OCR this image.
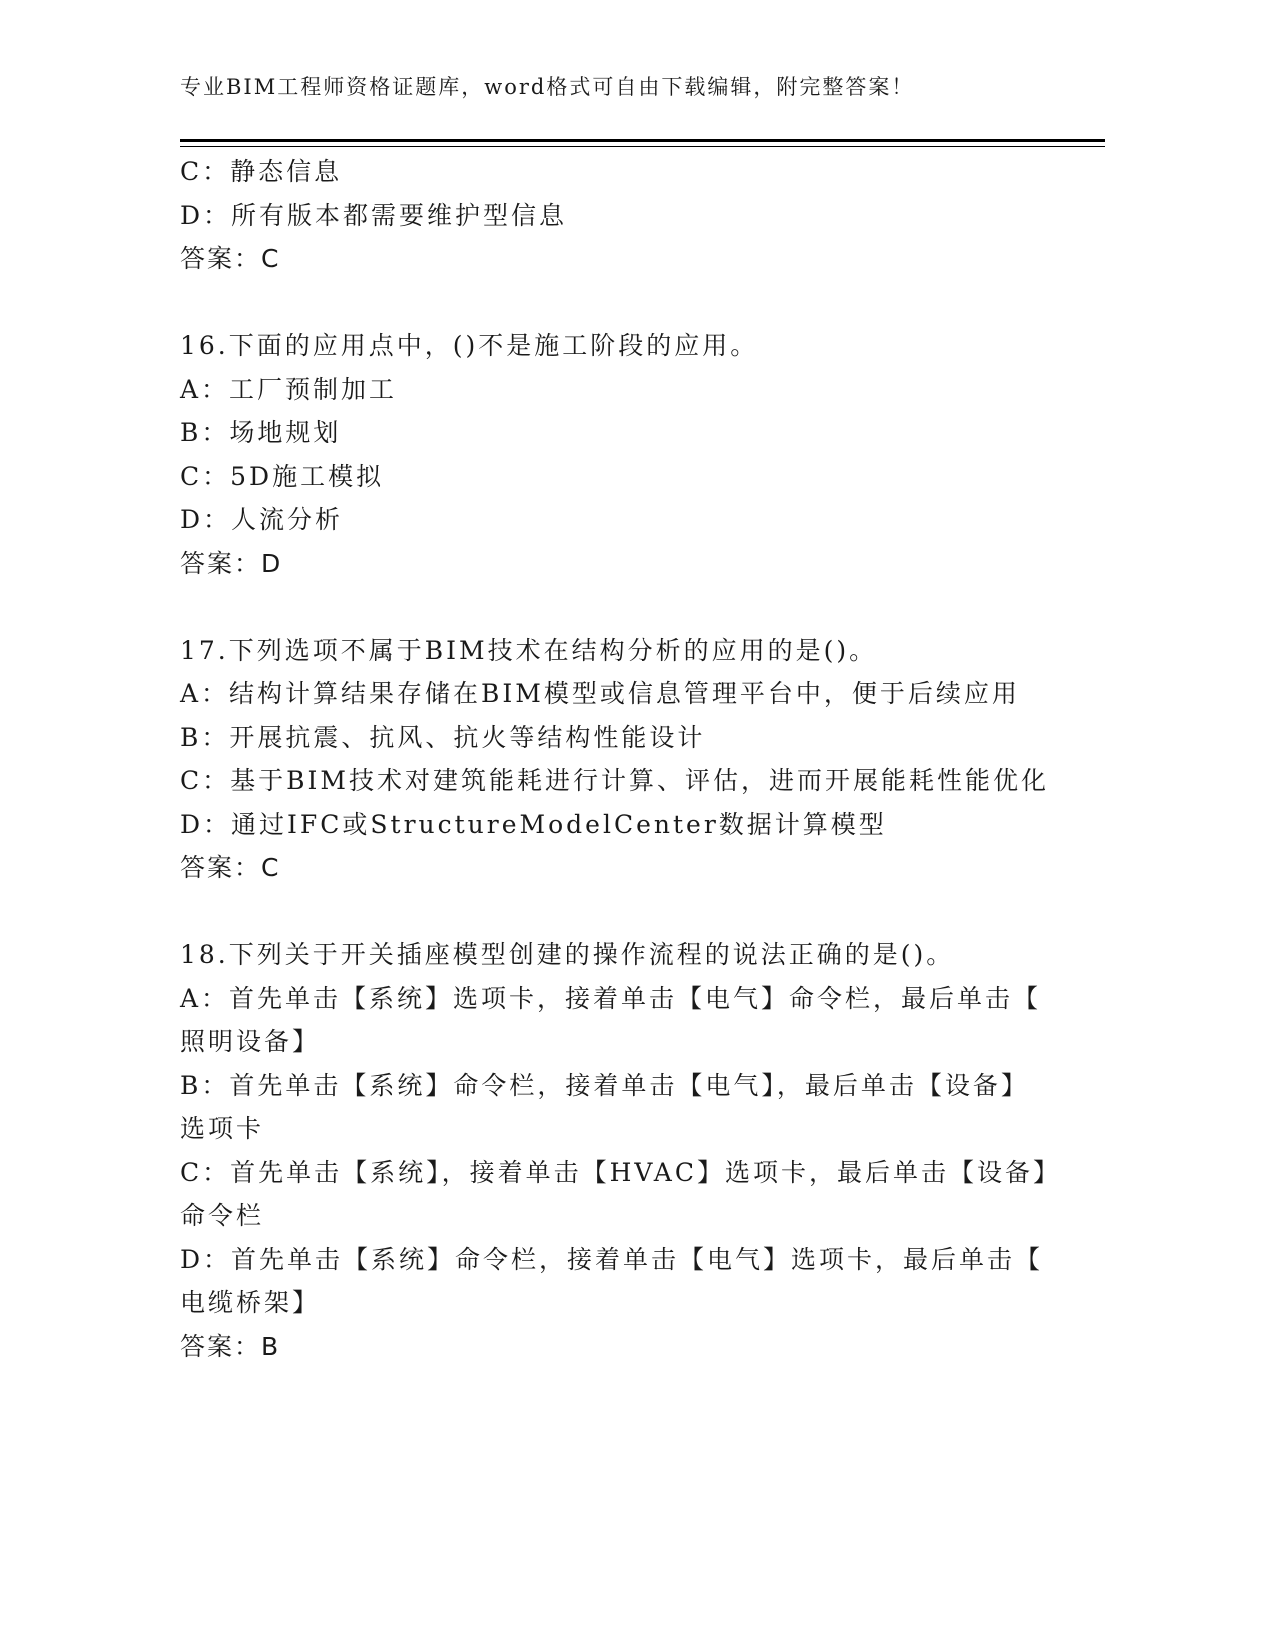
专业BIM工程师资格证题库，word格式可自由下载编辑，附完整答案！
C：静态信息
D：所有版本都需要维护型信息
答案：C
16.下面的应用点中，()不是施工阶段的应用。
A：工厂预制加工
B：场地规划
C：5D施工模拟
D：人流分析
答案：D
17.下列选项不属于BIM技术在结构分析的应用的是()。
A：结构计算结果存储在BIM模型或信息管理平台中，便于后续应用
B：开展抗震、抗风、抗火等结构性能设计
C：基于BIM技术对建筑能耗进行计算、评估，进而开展能耗性能优化
D：通过IFC或StructureModelCenter数据计算模型
答案：C
18.下列关于开关插座模型创建的操作流程的说法正确的是()。
A：首先单击【系统】选项卡，接着单击【电气】命令栏，最后单击【
照明设备】
B：首先单击【系统】命令栏，接着单击【电气】，最后单击【设备】
选项卡
C：首先单击【系统】，接着单击【HVAC】选项卡，最后单击【设备】
命令栏
D：首先单击【系统】命令栏，接着单击【电气】选项卡，最后单击【
电缆桥架】
答案：B
